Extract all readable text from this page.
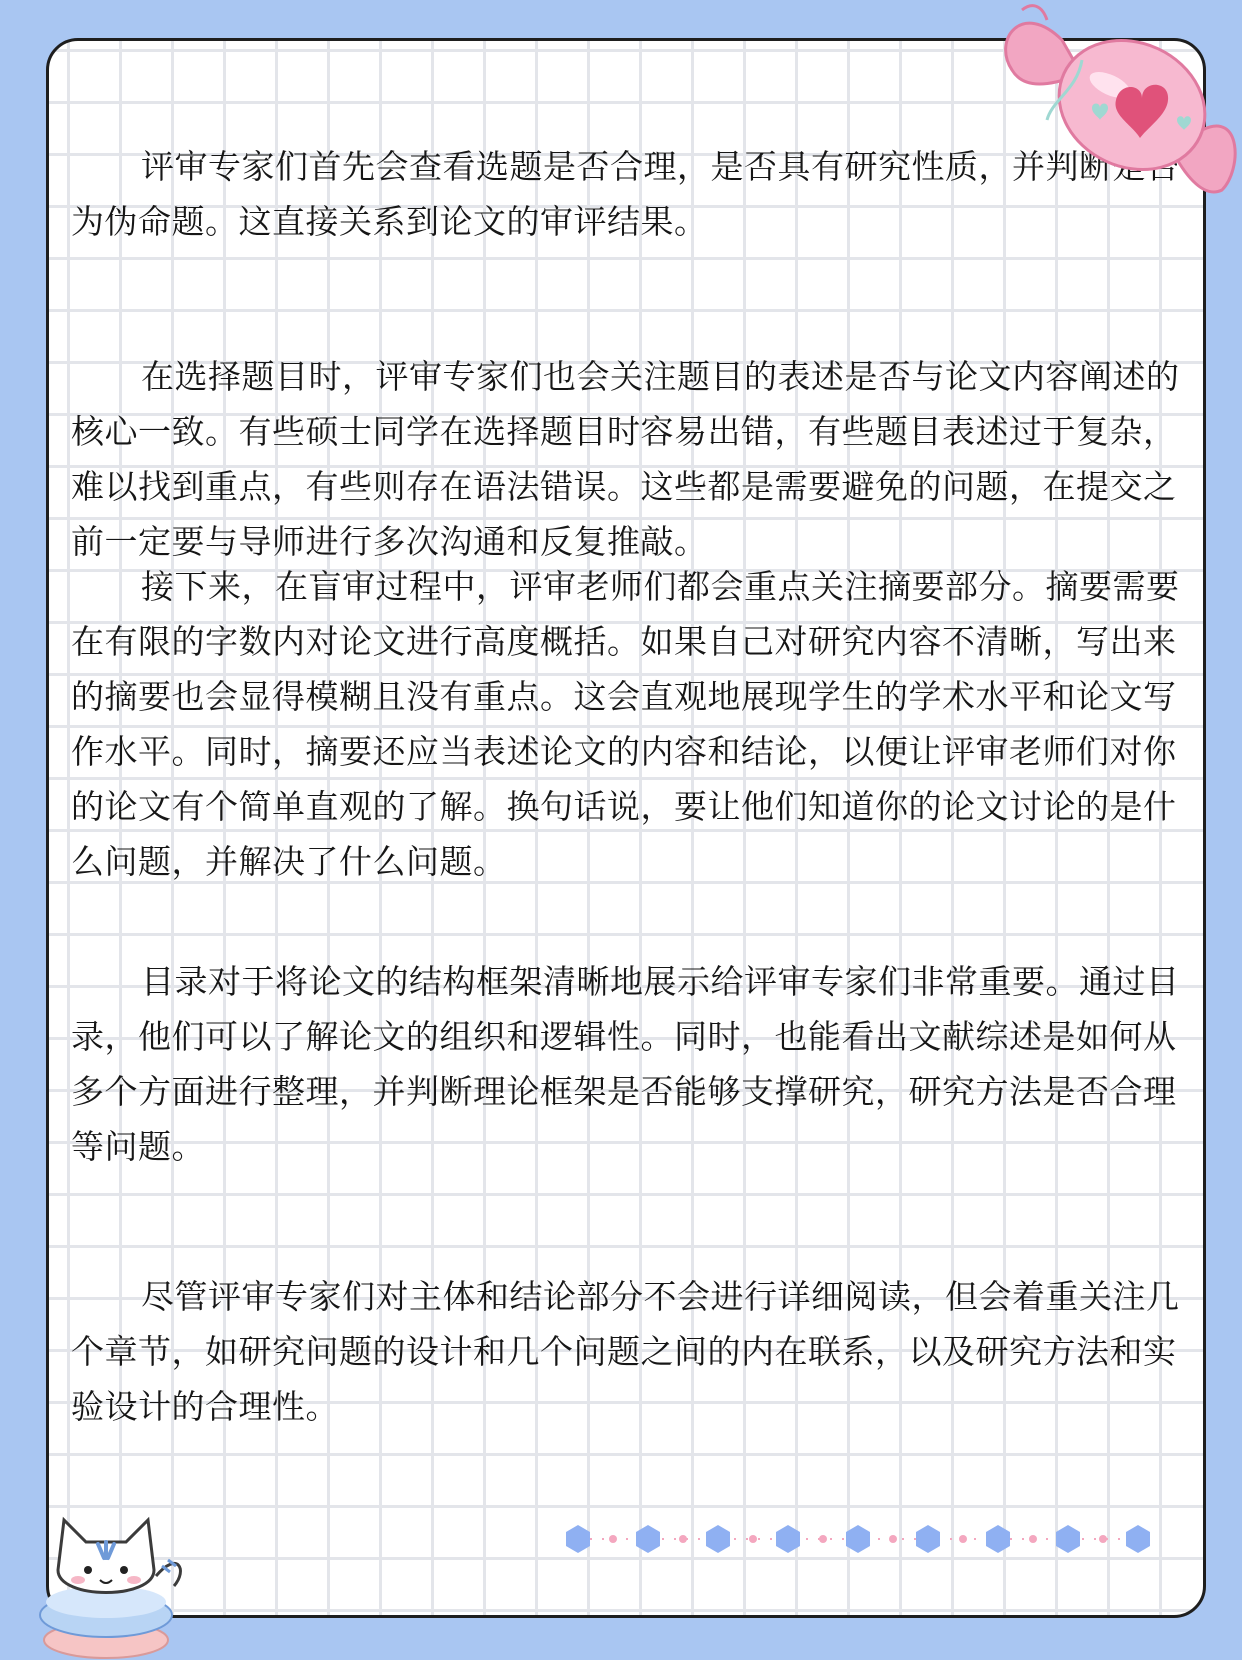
评审专家们首先会查看选题是否合理，是否具有研究性质，并判断是否为伪命题。这直接关系到论文的审评结果。

在选择题目时，评审专家们也会关注题目的表述是否与论文内容阐述的核心一致。有些硕士同学在选择题目时容易出错，有些题目表述过于复杂，难以找到重点，有些则存在语法错误。这些都是需要避免的问题，在提交之前一定要与导师进行多次沟通和反复推敲。

接下来，在盲审过程中，评审老师们都会重点关注摘要部分。摘要需要在有限的字数内对论文进行高度概括。如果自己对研究内容不清晰，写出来的摘要也会显得模糊且没有重点。这会直观地展现学生的学术水平和论文写作水平。同时，摘要还应当表述论文的内容和结论，以便让评审老师们对你的论文有个简单直观的了解。换句话说，要让他们知道你的论文讨论的是什么问题，并解决了什么问题。

目录对于将论文的结构框架清晰地展示给评审专家们非常重要。通过目录，他们可以了解论文的组织和逻辑性。同时，也能看出文献综述是如何从多个方面进行整理，并判断理论框架是否能够支撑研究，研究方法是否合理等问题。

尽管评审专家们对主体和结论部分不会进行详细阅读，但会着重关注几个章节，如研究问题的设计和几个问题之间的内在联系，以及研究方法和实验设计的合理性。
